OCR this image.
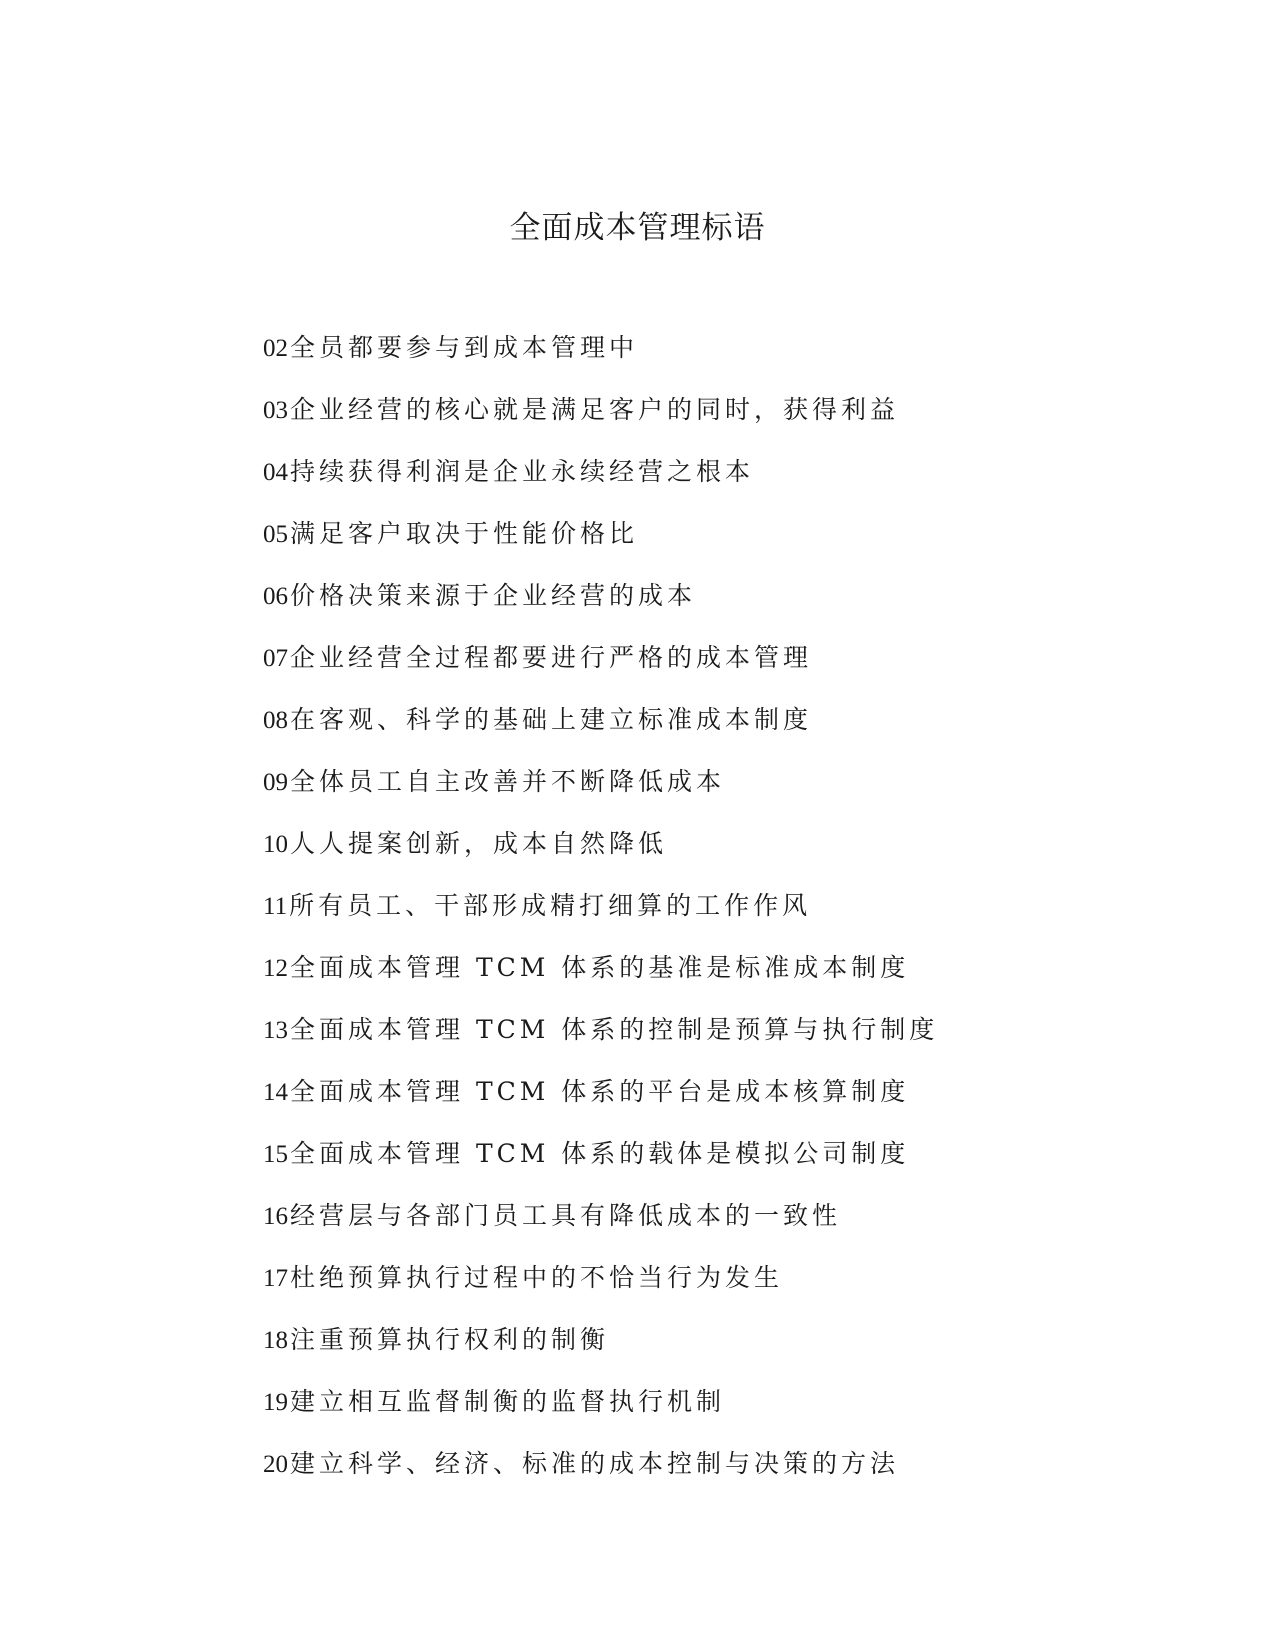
全面成本管理标语
02全员都要参与到成本管理中
03企业经营的核心就是满足客户的同时，获得利益
04持续获得利润是企业永续经营之根本
05满足客户取决于性能价格比
06价格决策来源于企业经营的成本
07企业经营全过程都要进行严格的成本管理
08在客观、科学的基础上建立标准成本制度
09全体员工自主改善并不断降低成本
10人人提案创新，成本自然降低
11所有员工、干部形成精打细算的工作作风
12全面成本管理 TCM 体系的基准是标准成本制度
13全面成本管理 TCM 体系的控制是预算与执行制度
14全面成本管理 TCM 体系的平台是成本核算制度
15全面成本管理 TCM 体系的载体是模拟公司制度
16经营层与各部门员工具有降低成本的一致性
17杜绝预算执行过程中的不恰当行为发生
18注重预算执行权利的制衡
19建立相互监督制衡的监督执行机制
20建立科学、经济、标准的成本控制与决策的方法
